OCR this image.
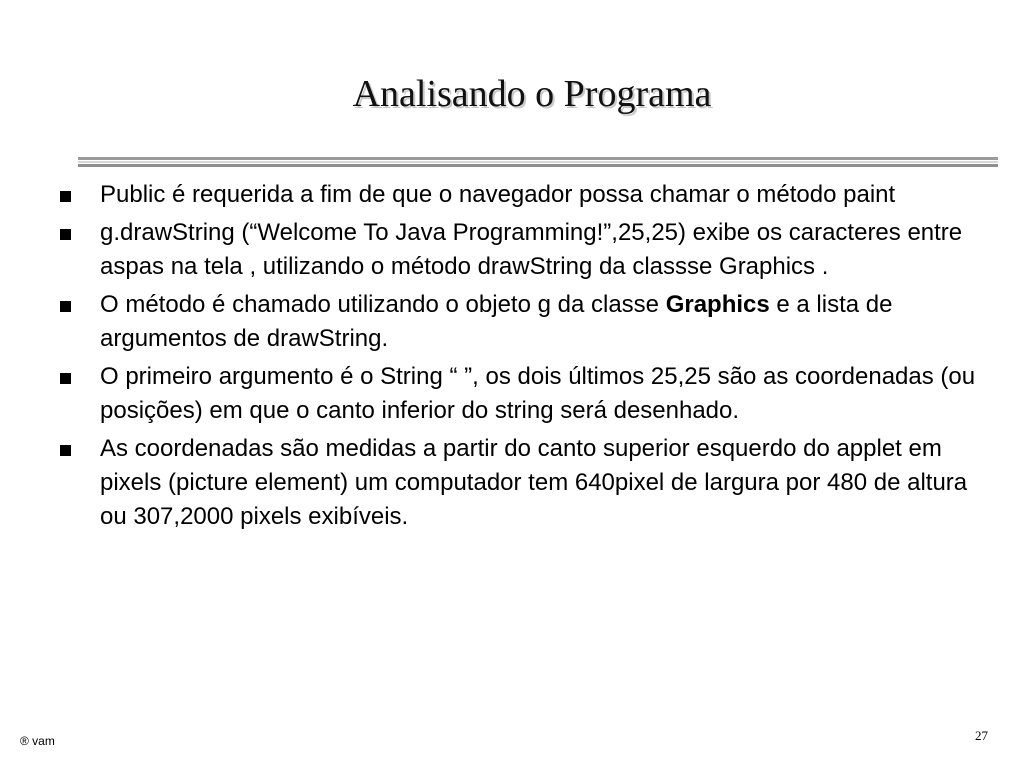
Analisando o Programa
Public é requerida a fim de que o navegador possa chamar o método paint
g.drawString (“Welcome To Java Programming!”,25,25) exibe os caracteres entre aspas na tela , utilizando o método drawString da classse Graphics .
O método é chamado utilizando o objeto g da classe Graphics e a lista de argumentos de drawString.
O primeiro argumento é o String “ ”, os dois últimos 25,25 são as coordenadas (ou posições) em que o canto inferior do string será desenhado.
As coordenadas são medidas a partir do canto superior esquerdo do applet em pixels (picture element) um computador tem 640pixel de largura por 480 de altura ou 307,2000 pixels exibíveis.
® vam	27
